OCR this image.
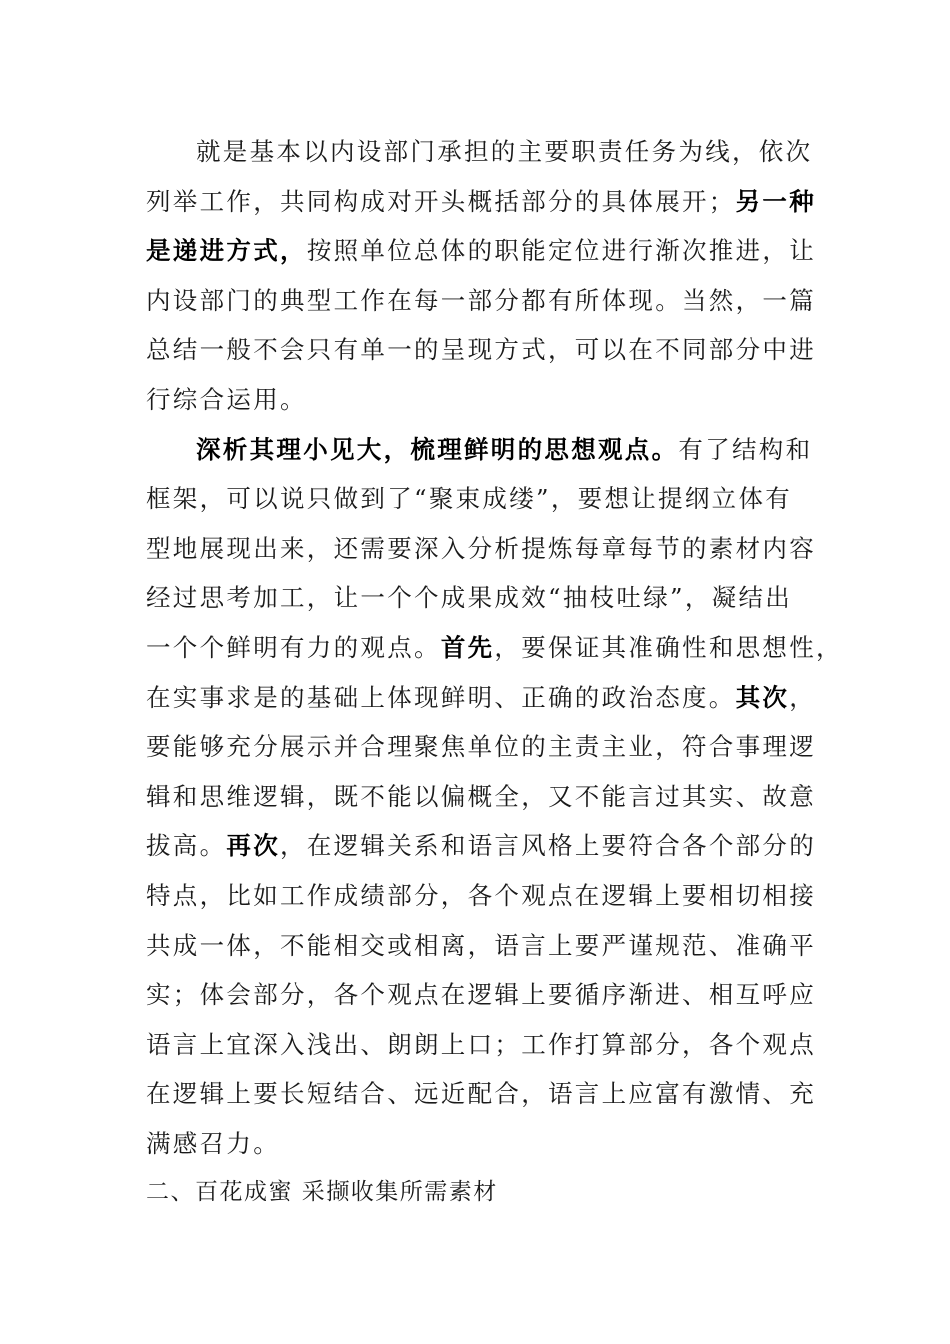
就是基本以内设部门承担的主要职责任务为线，依次
列举工作，共同构成对开头概括部分的具体展开；另一种
是递进方式，按照单位总体的职能定位进行渐次推进，让
内设部门的典型工作在每一部分都有所体现。当然，一篇
总结一般不会只有单一的呈现方式，可以在不同部分中进
行综合运用。
深析其理小见大，梳理鲜明的思想观点。有了结构和
框架，可以说只做到了“聚束成缕”，要想让提纲立体有
型地展现出来，还需要深入分析提炼每章每节的素材内容
经过思考加工，让一个个成果成效“抽枝吐绿”，凝结出
一个个鲜明有力的观点。首先，要保证其准确性和思想性，
在实事求是的基础上体现鲜明、正确的政治态度。其次，
要能够充分展示并合理聚焦单位的主责主业，符合事理逻
辑和思维逻辑，既不能以偏概全，又不能言过其实、故意
拔高。再次，在逻辑关系和语言风格上要符合各个部分的
特点，比如工作成绩部分，各个观点在逻辑上要相切相接
共成一体，不能相交或相离，语言上要严谨规范、准确平
实；体会部分，各个观点在逻辑上要循序渐进、相互呼应
语言上宜深入浅出、朗朗上口；工作打算部分，各个观点
在逻辑上要长短结合、远近配合，语言上应富有激情、充
满感召力。
二、百花成蜜 采撷收集所需素材
